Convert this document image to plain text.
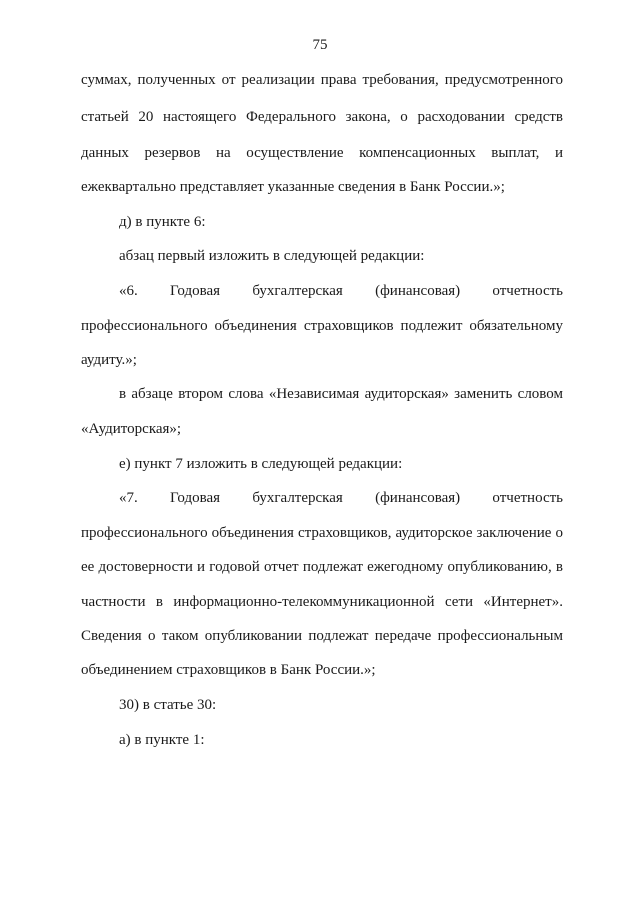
75
суммах, полученных от реализации права требования, предусмотренного
статьей 20 настоящего Федерального закона, о расходовании средств
данных резервов на осуществление компенсационных выплат, и
ежеквартально представляет указанные сведения в Банк России.»;
д) в пункте 6:
абзац первый изложить в следующей редакции:
«6. Годовая бухгалтерская (финансовая) отчетность
профессионального объединения страховщиков подлежит обязательному
аудиту.»;
в абзаце втором слова «Независимая аудиторская» заменить словом
«Аудиторская»;
е) пункт 7 изложить в следующей редакции:
«7. Годовая бухгалтерская (финансовая) отчетность
профессионального объединения страховщиков, аудиторское заключение о
ее достоверности и годовой отчет подлежат ежегодному опубликованию, в
частности в информационно-телекоммуникационной сети «Интернет».
Сведения о таком опубликовании подлежат передаче профессиональным
объединением страховщиков в Банк России.»;
30) в статье 30:
а) в пункте 1:
